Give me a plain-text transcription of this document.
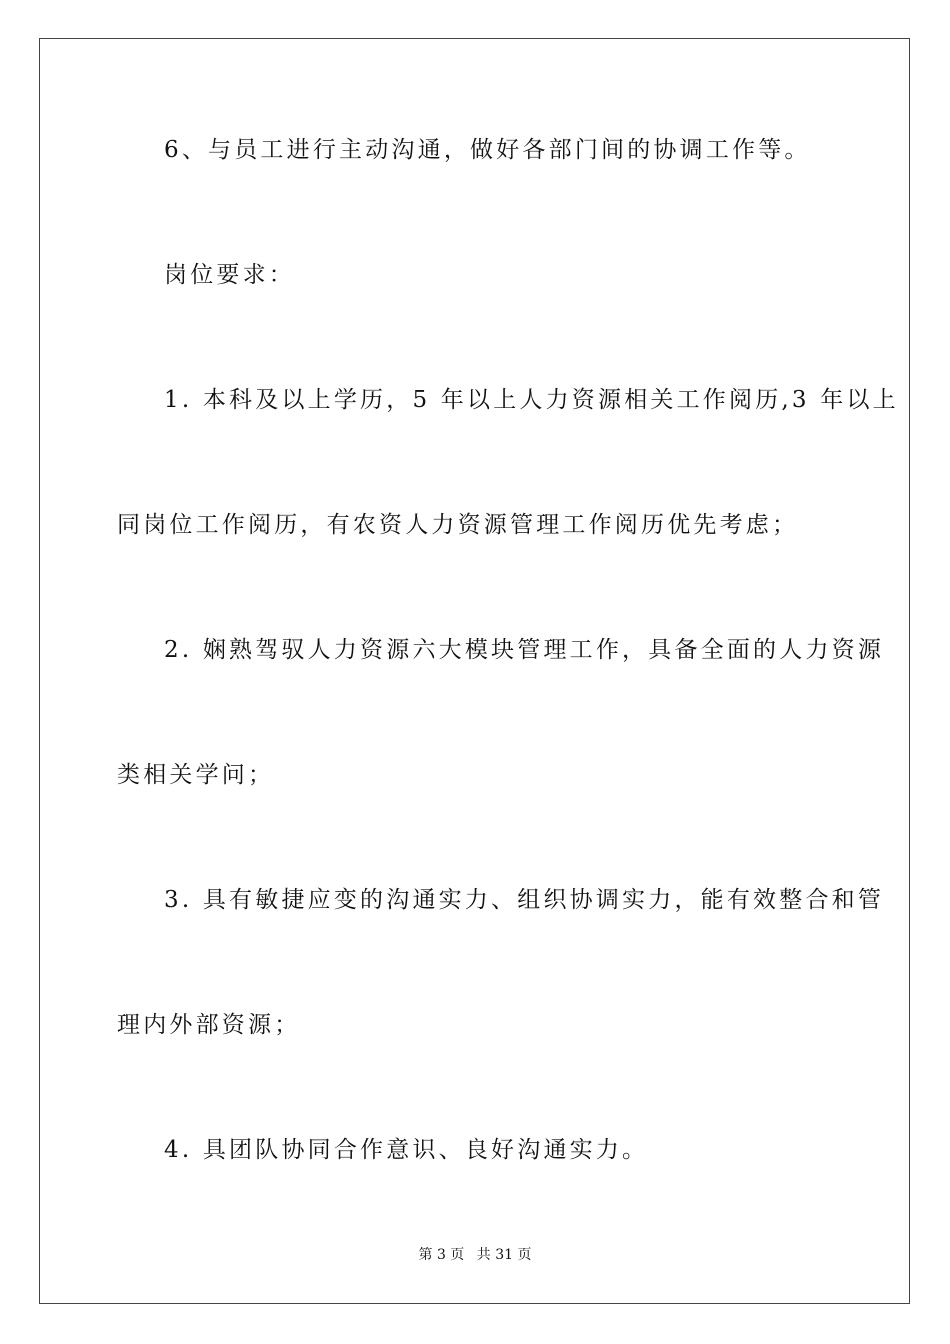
6、与员工进行主动沟通，做好各部门间的协调工作等。
岗位要求：
1. 本科及以上学历，5 年以上人力资源相关工作阅历,3 年以上
同岗位工作阅历，有农资人力资源管理工作阅历优先考虑；
2. 娴熟驾驭人力资源六大模块管理工作，具备全面的人力资源
类相关学问；
3. 具有敏捷应变的沟通实力、组织协调实力，能有效整合和管
理内外部资源；
4. 具团队协同合作意识、良好沟通实力。
第 3 页 共 31 页
